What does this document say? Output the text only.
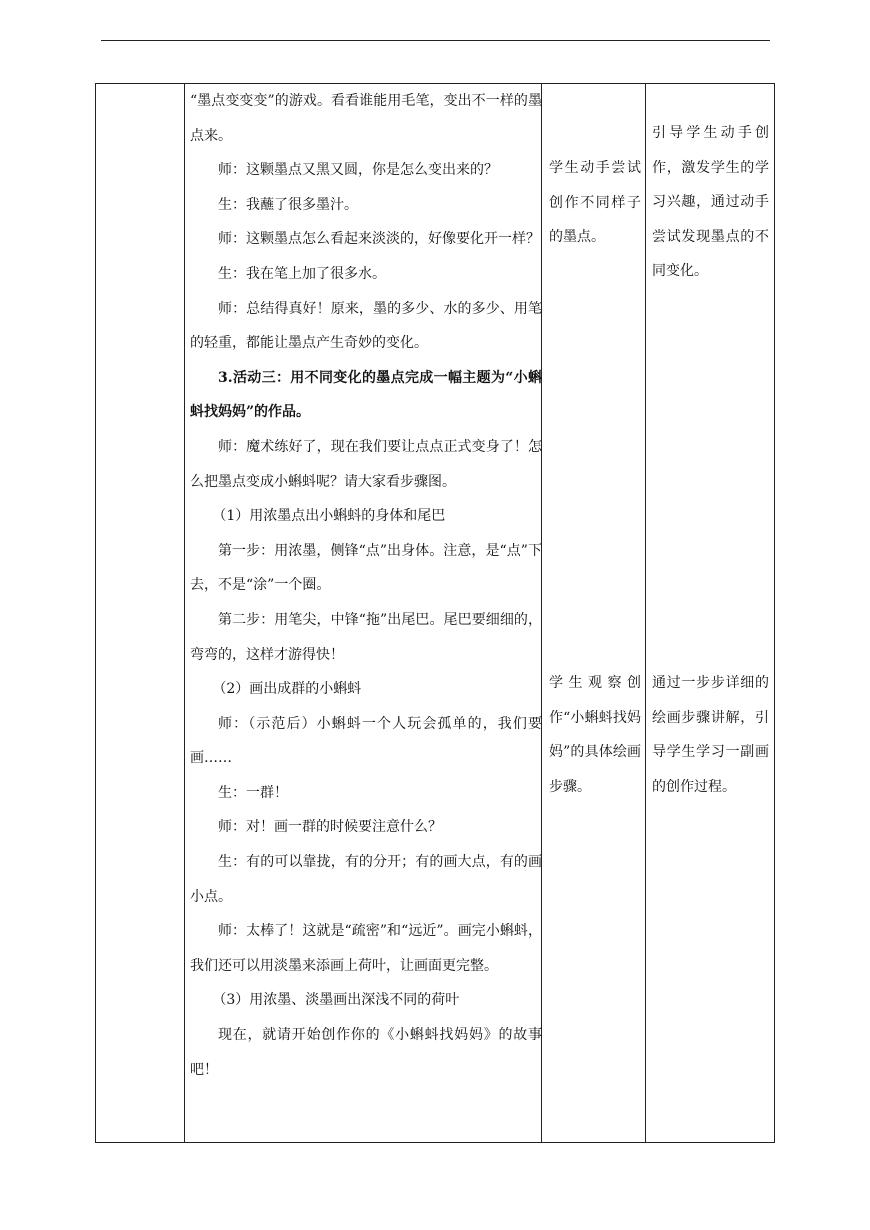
“墨点变变变”的游戏。看看谁能用毛笔，变出不一样的墨点来。

师：这颗墨点又黑又圆，你是怎么变出来的？

生：我蘸了很多墨汁。

师：这颗墨点怎么看起来淡淡的，好像要化开一样？

生：我在笔上加了很多水。

师：总结得真好！原来，墨的多少、水的多少、用笔的轻重，都能让墨点产生奇妙的变化。

3.活动三：用不同变化的墨点完成一幅主题为“小蝌蚪找妈妈”的作品。

师：魔术练好了，现在我们要让点点正式变身了！怎么把墨点变成小蝌蚪呢？请大家看步骤图。

（1）用浓墨点出小蝌蚪的身体和尾巴

第一步：用浓墨，侧锋“点”出身体。注意，是“点”下去，不是“涂”一个圈。

第二步：用笔尖，中锋“拖”出尾巴。尾巴要细细的，弯弯的，这样才游得快！

（2）画出成群的小蝌蚪

师：（示范后）小蝌蚪一个人玩会孤单的，我们要画……

生：一群！

师：对！画一群的时候要注意什么？

生：有的可以靠拢，有的分开；有的画大点，有的画小点。

师：太棒了！这就是“疏密”和“远近”。画完小蝌蚪，我们还可以用淡墨来添画上荷叶，让画面更完整。

（3）用浓墨、淡墨画出深浅不同的荷叶

现在，就请开始创作你的《小蝌蚪找妈妈》的故事吧！

学生动手尝试创作不同样子的墨点。
学生观察创作“小蝌蚪找妈妈”的具体绘画步骤。
引导学生动手创作，激发学生的学习兴趣，通过动手尝试发现墨点的不同变化。
通过一步步详细的绘画步骤讲解，引导学生学习一副画的创作过程。
